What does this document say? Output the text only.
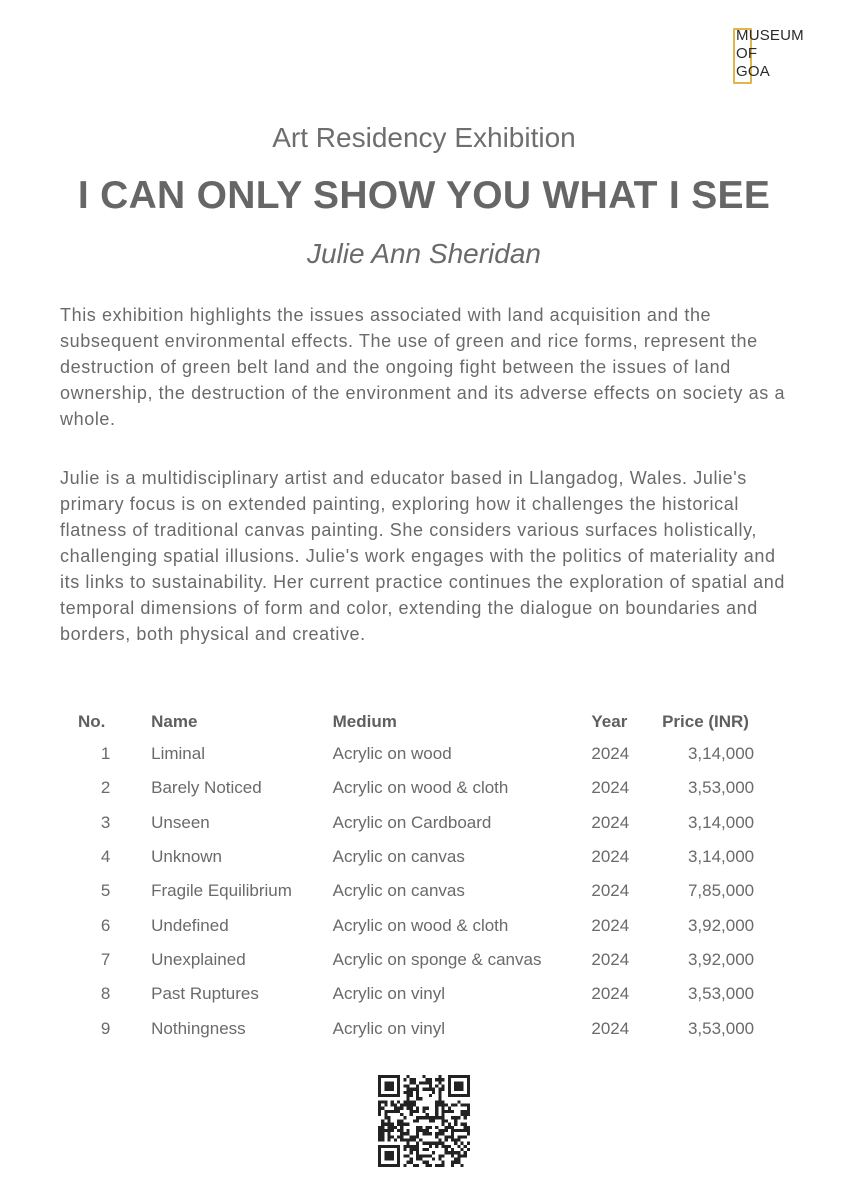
MUSEUM
OF
GOA
Art Residency Exhibition
I CAN ONLY SHOW YOU WHAT I SEE
Julie Ann Sheridan

This exhibition highlights the issues associated with land acquisition and the subsequent environmental effects. The use of green and rice forms, represent the destruction of green belt land and the ongoing fight between the issues of land ownership, the destruction of the environment and its adverse effects on society as a whole.

Julie is a multidisciplinary artist and educator based in Llangadog, Wales. Julie's primary focus is on extended painting, exploring how it challenges the historical flatness of traditional canvas painting. She considers various surfaces holistically, challenging spatial illusions. Julie's work engages with the politics of materiality and its links to sustainability. Her current practice continues the exploration of spatial and temporal dimensions of form and color, extending the dialogue on boundaries and borders, both physical and creative.

No.	Name	Medium	Year	Price (INR)
1	Liminal	Acrylic on wood	2024	3,14,000
2	Barely Noticed	Acrylic on wood & cloth	2024	3,53,000
3	Unseen	Acrylic on Cardboard	2024	3,14,000
4	Unknown	Acrylic on canvas	2024	3,14,000
5	Fragile Equilibrium	Acrylic on canvas	2024	7,85,000
6	Undefined	Acrylic on wood & cloth	2024	3,92,000
7	Unexplained	Acrylic on sponge & canvas	2024	3,92,000
8	Past Ruptures	Acrylic on vinyl	2024	3,53,000
9	Nothingness	Acrylic on vinyl	2024	3,53,000
